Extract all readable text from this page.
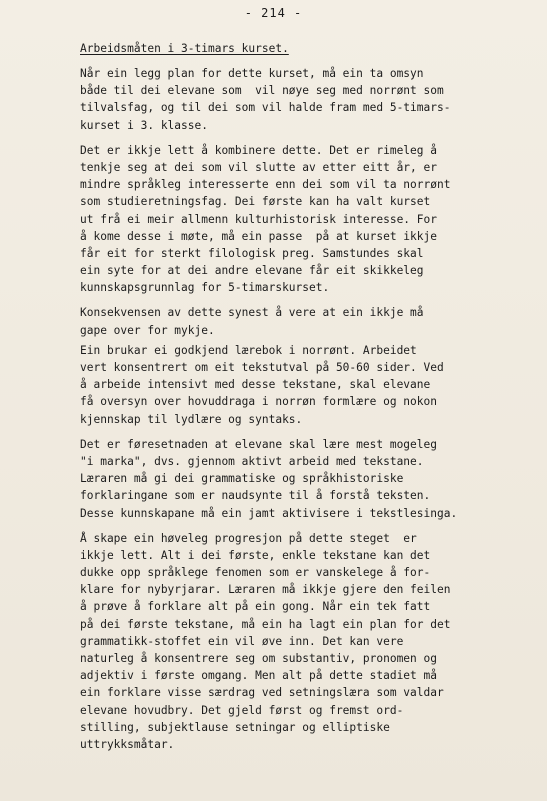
- 214 -
Arbeidsmåten i 3-timars kurset.
Når ein legg plan for dette kurset, må ein ta omsyn
både til dei elevane som  vil nøye seg med norrønt som
tilvalsfag, og til dei som vil halde fram med 5-timars-
kurset i 3. klasse.
Det er ikkje lett å kombinere dette. Det er rimeleg å
tenkje seg at dei som vil slutte av etter eitt år, er
mindre språkleg interesserte enn dei som vil ta norrønt
som studieretningsfag. Dei første kan ha valt kurset
ut frå ei meir allmenn kulturhistorisk interesse. For
å kome desse i møte, må ein passe  på at kurset ikkje
får eit for sterkt filologisk preg. Samstundes skal
ein syte for at dei andre elevane får eit skikkeleg
kunnskapsgrunnlag for 5-timarskurset.
Konsekvensen av dette synest å vere at ein ikkje må
gape over for mykje.
Ein brukar ei godkjend lærebok i norrønt. Arbeidet
vert konsentrert om eit tekstutval på 50-60 sider. Ved
å arbeide intensivt med desse tekstane, skal elevane
få oversyn over hovuddraga i norrøn formlære og nokon
kjennskap til lydlære og syntaks.
Det er føresetnaden at elevane skal lære mest mogeleg
"i marka", dvs. gjennom aktivt arbeid med tekstane.
Læraren må gi dei grammatiske og språkhistoriske
forklaringane som er naudsynte til å forstå teksten.
Desse kunnskapane må ein jamt aktivisere i tekstlesinga.
Å skape ein høveleg progresjon på dette steget  er
ikkje lett. Alt i dei første, enkle tekstane kan det
dukke opp språklege fenomen som er vanskelege å for-
klare for nybyrjarar. Læraren må ikkje gjere den feilen
å prøve å forklare alt på ein gong. Når ein tek fatt
på dei første tekstane, må ein ha lagt ein plan for det
grammatikk-stoffet ein vil øve inn. Det kan vere
naturleg å konsentrere seg om substantiv, pronomen og
adjektiv i første omgang. Men alt på dette stadiet må
ein forklare visse særdrag ved setningslæra som valdar
elevane hovudbry. Det gjeld først og fremst ord-
stilling, subjektlause setningar og elliptiske
uttrykksmåtar.
